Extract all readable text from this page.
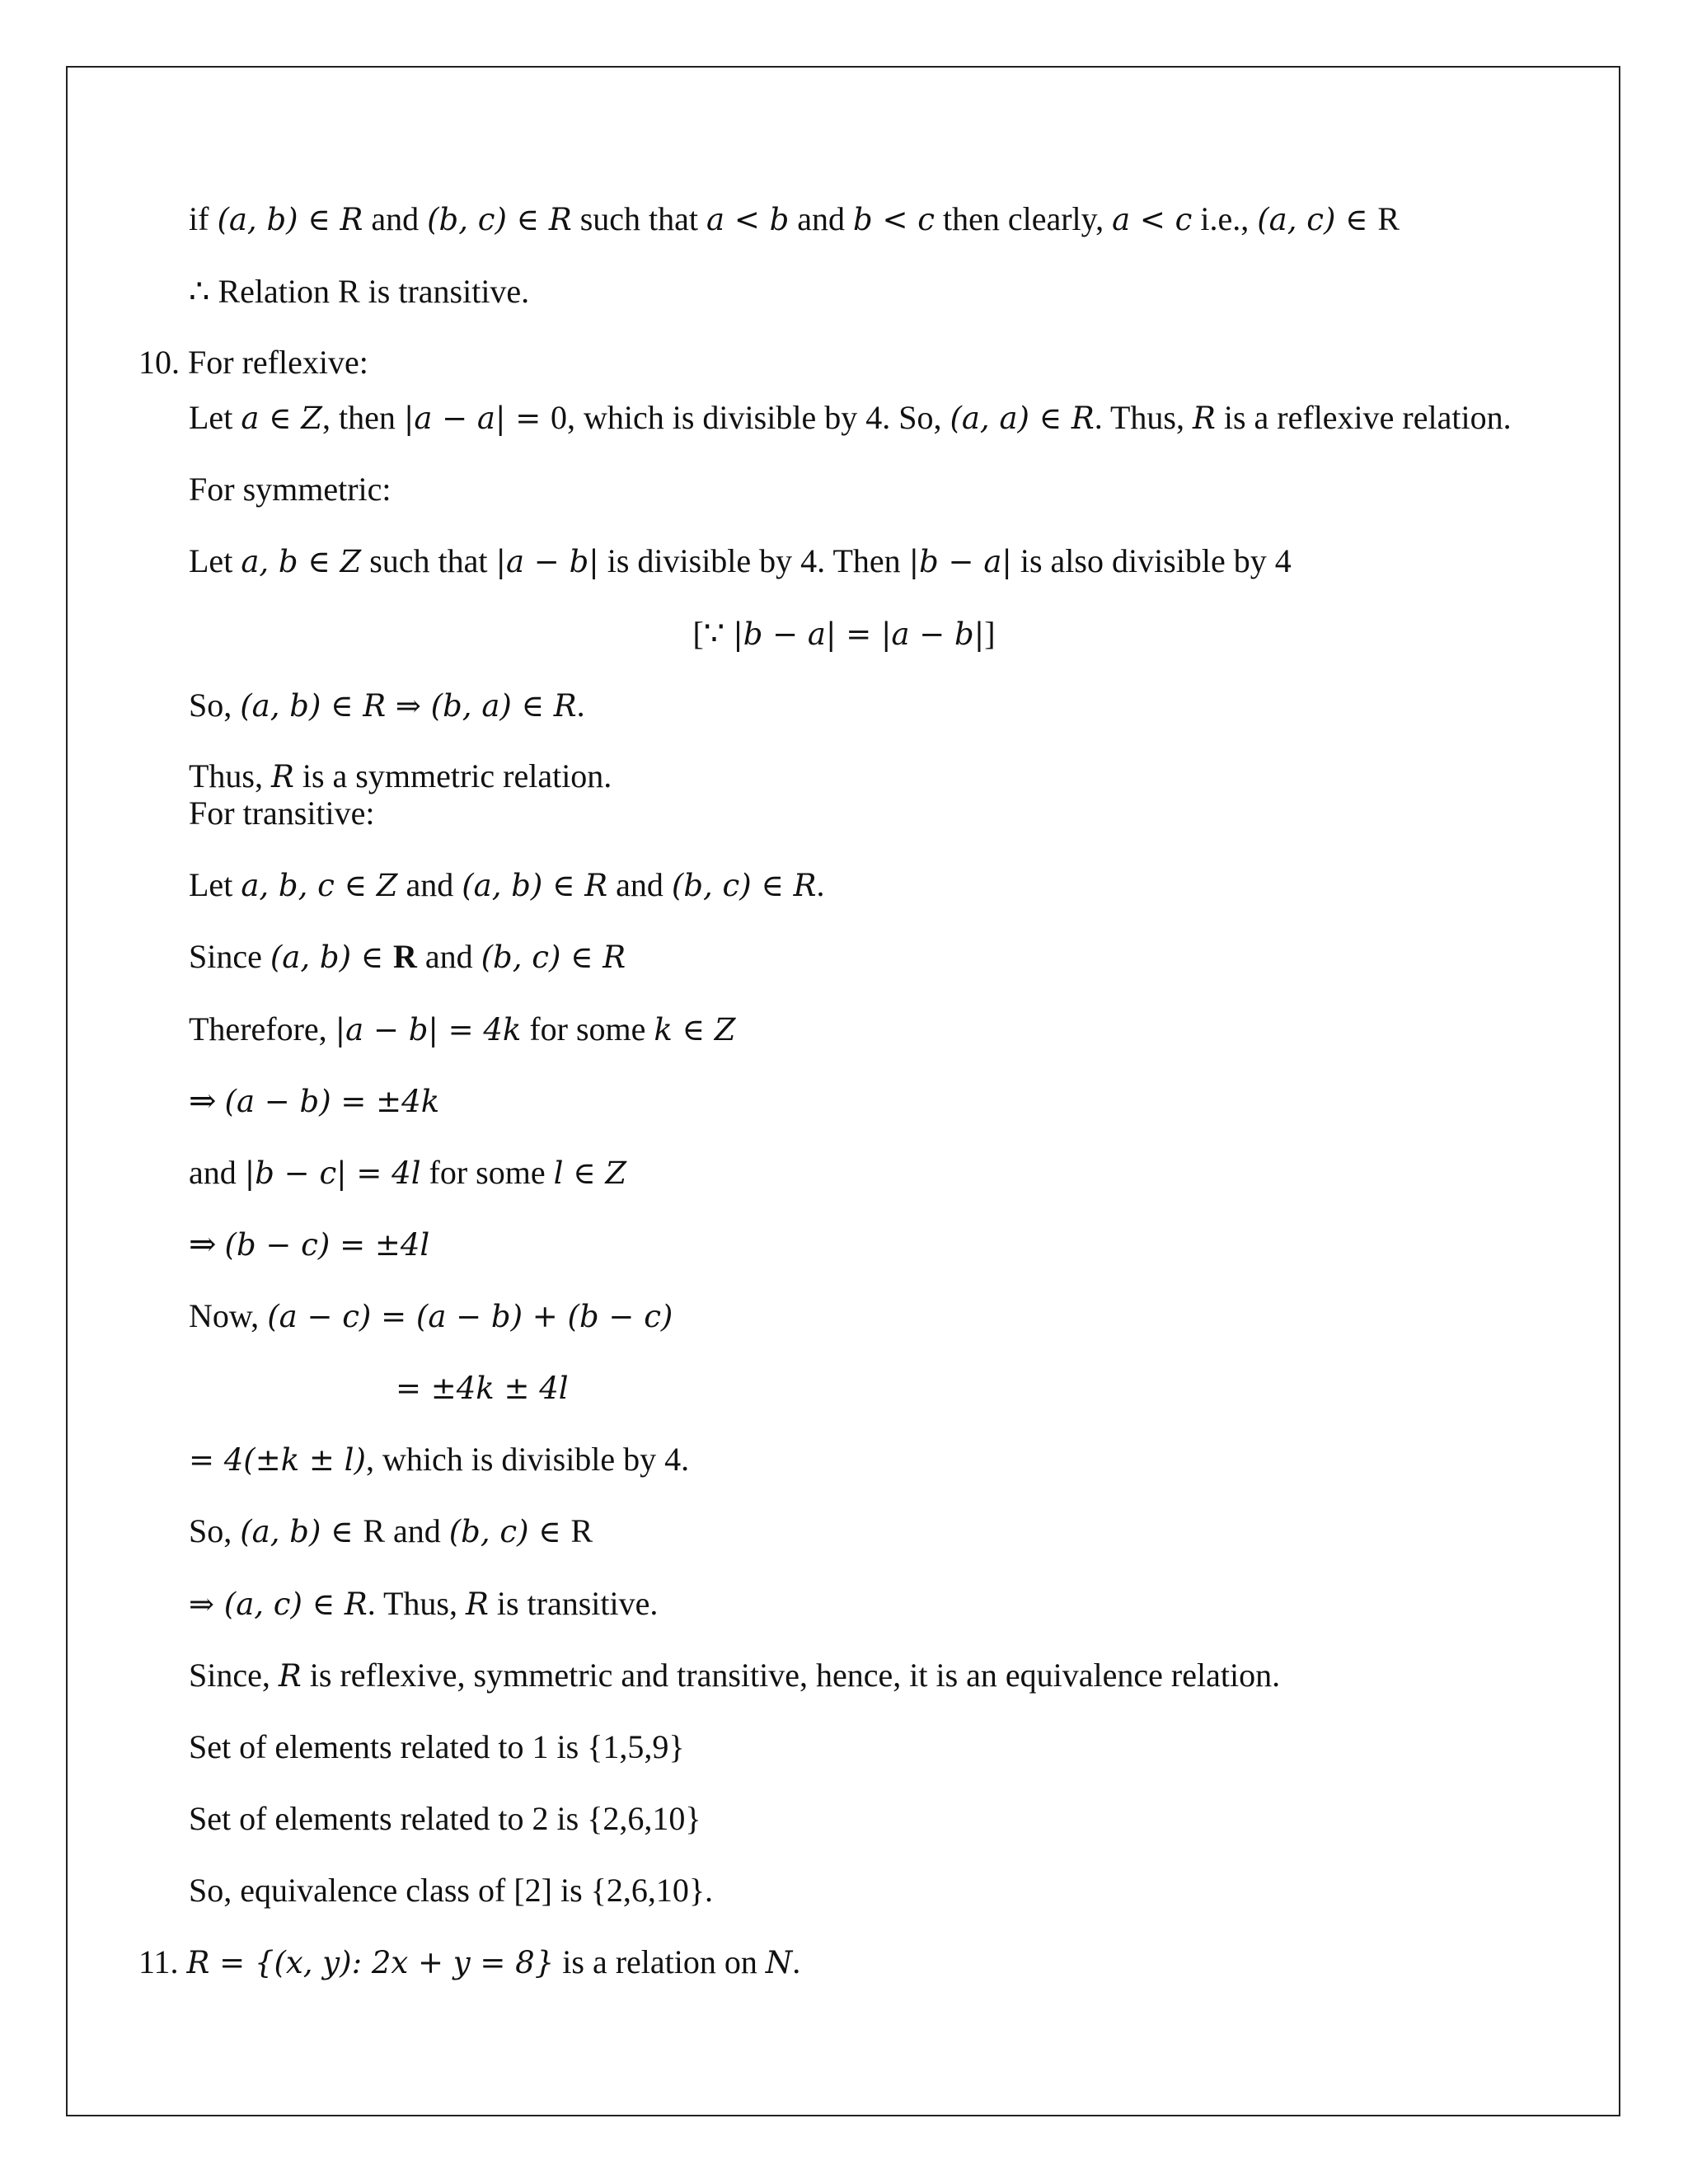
if (a, b) ∈ R and (b, c) ∈ R such that a < b and b < c then clearly, a < c i.e., (a, c) ∈ R
∴ Relation R is transitive.
10. For reflexive:
Let a ∈ Z, then |a − a| = 0, which is divisible by 4. So, (a, a) ∈ R. Thus, R is a reflexive relation.
For symmetric:
Let a, b ∈ Z such that |a − b| is divisible by 4. Then |b − a| is also divisible by 4
[∵ |b − a| = |a − b|]
So, (a, b) ∈ R ⇒ (b, a) ∈ R.
Thus, R is a symmetric relation.
For transitive:
Let a, b, c ∈ Z and (a, b) ∈ R and (b, c) ∈ R.
Since (a, b) ∈ R and (b, c) ∈ R
Therefore, |a − b| = 4k for some k ∈ Z
⇒ (a − b) = ±4k
and |b − c| = 4l for some l ∈ Z
⇒ (b − c) = ±4l
Now, (a − c) = (a − b) + (b − c)
= ±4k ± 4l
= 4(±k ± l), which is divisible by 4.
So, (a, b) ∈ R and (b, c) ∈ R
⇒ (a, c) ∈ R. Thus, R is transitive.
Since, R is reflexive, symmetric and transitive, hence, it is an equivalence relation.
Set of elements related to 1 is {1,5,9}
Set of elements related to 2 is {2,6,10}
So, equivalence class of [2] is {2,6,10}.
11. R = {(x, y): 2x + y = 8} is a relation on N.
